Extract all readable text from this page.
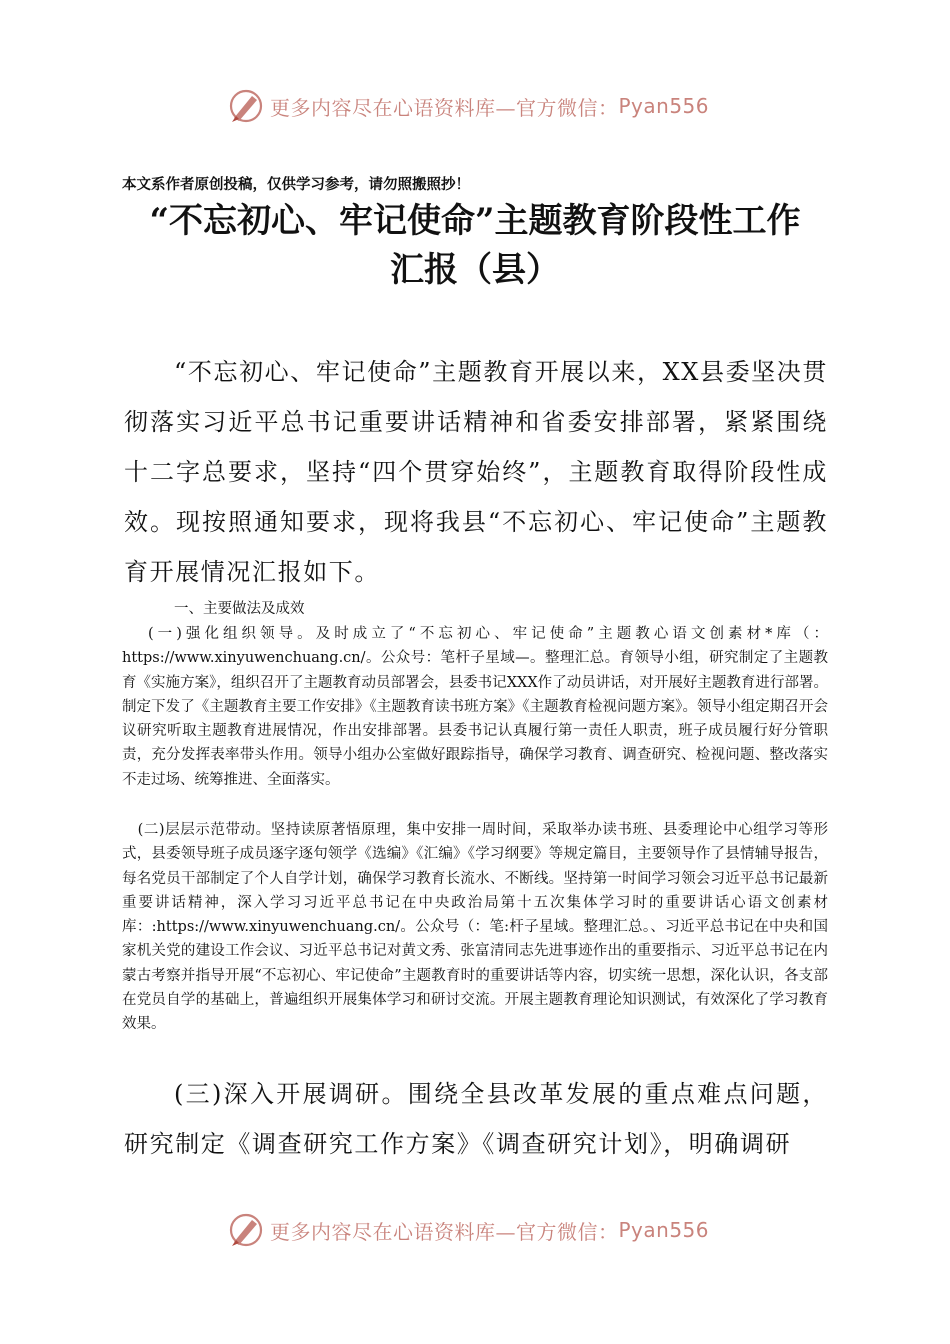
更多内容尽在心语资料库—官方微信： Pyan556
本文系作者原创投稿，仅供学习参考，请勿照搬照抄！
“不忘初心、牢记使命”主题教育阶段性工作
汇报（县）
“不忘初心、牢记使命”主题教育开展以来，XX县委坚决贯彻落实习近平总书记重要讲话精神和省委安排部署，紧紧围绕十二字总要求，坚持“四个贯穿始终”，主题教育取得阶段性成效。现按照通知要求，现将我县“不忘初心、牢记使命”主题教育开展情况汇报如下。
一、主要做法及成效
(一)强化组织领导。及时成立了“不忘初心、牢记使命”主题教心语文创素材*库（：https://www.xinyuwenchuang.cn/。公众号：笔杆子星域—。整理汇总。育领导小组，研究制定了主题教育《实施方案》，组织召开了主题教育动员部署会，县委书记XXX作了动员讲话，对开展好主题教育进行部署。制定下发了《主题教育主要工作安排》《主题教育读书班方案》《主题教育检视问题方案》。领导小组定期召开会议研究听取主题教育进展情况，作出安排部署。县委书记认真履行第一责任人职责，班子成员履行好分管职责，充分发挥表率带头作用。领导小组办公室做好跟踪指导，确保学习教育、调查研究、检视问题、整改落实不走过场、统筹推进、全面落实。
(二)层层示范带动。坚持读原著悟原理，集中安排一周时间，采取举办读书班、县委理论中心组学习等形式，县委领导班子成员逐字逐句领学《选编》《汇编》《学习纲要》等规定篇目，主要领导作了县情辅导报告，每名党员干部制定了个人自学计划，确保学习教育长流水、不断线。坚持第一时间学习领会习近平总书记最新重要讲话精神，深入学习习近平总书记在中央政治局第十五次集体学习时的重要讲话心语文创素材库：:https://www.xinyuwenchuang.cn/。公众号（：笔:杆子星域。整理汇总。、习近平总书记在中央和国家机关党的建设工作会议、习近平总书记对黄文秀、张富清同志先进事迹作出的重要指示、习近平总书记在内蒙古考察并指导开展“不忘初心、牢记使命”主题教育时的重要讲话等内容，切实统一思想，深化认识，各支部在党员自学的基础上，普遍组织开展集体学习和研讨交流。开展主题教育理论知识测试，有效深化了学习教育效果。
(三)深入开展调研。围绕全县改革发展的重点难点问题，研究制定《调查研究工作方案》《调查研究计划》，明确调研
更多内容尽在心语资料库—官方微信： Pyan556
